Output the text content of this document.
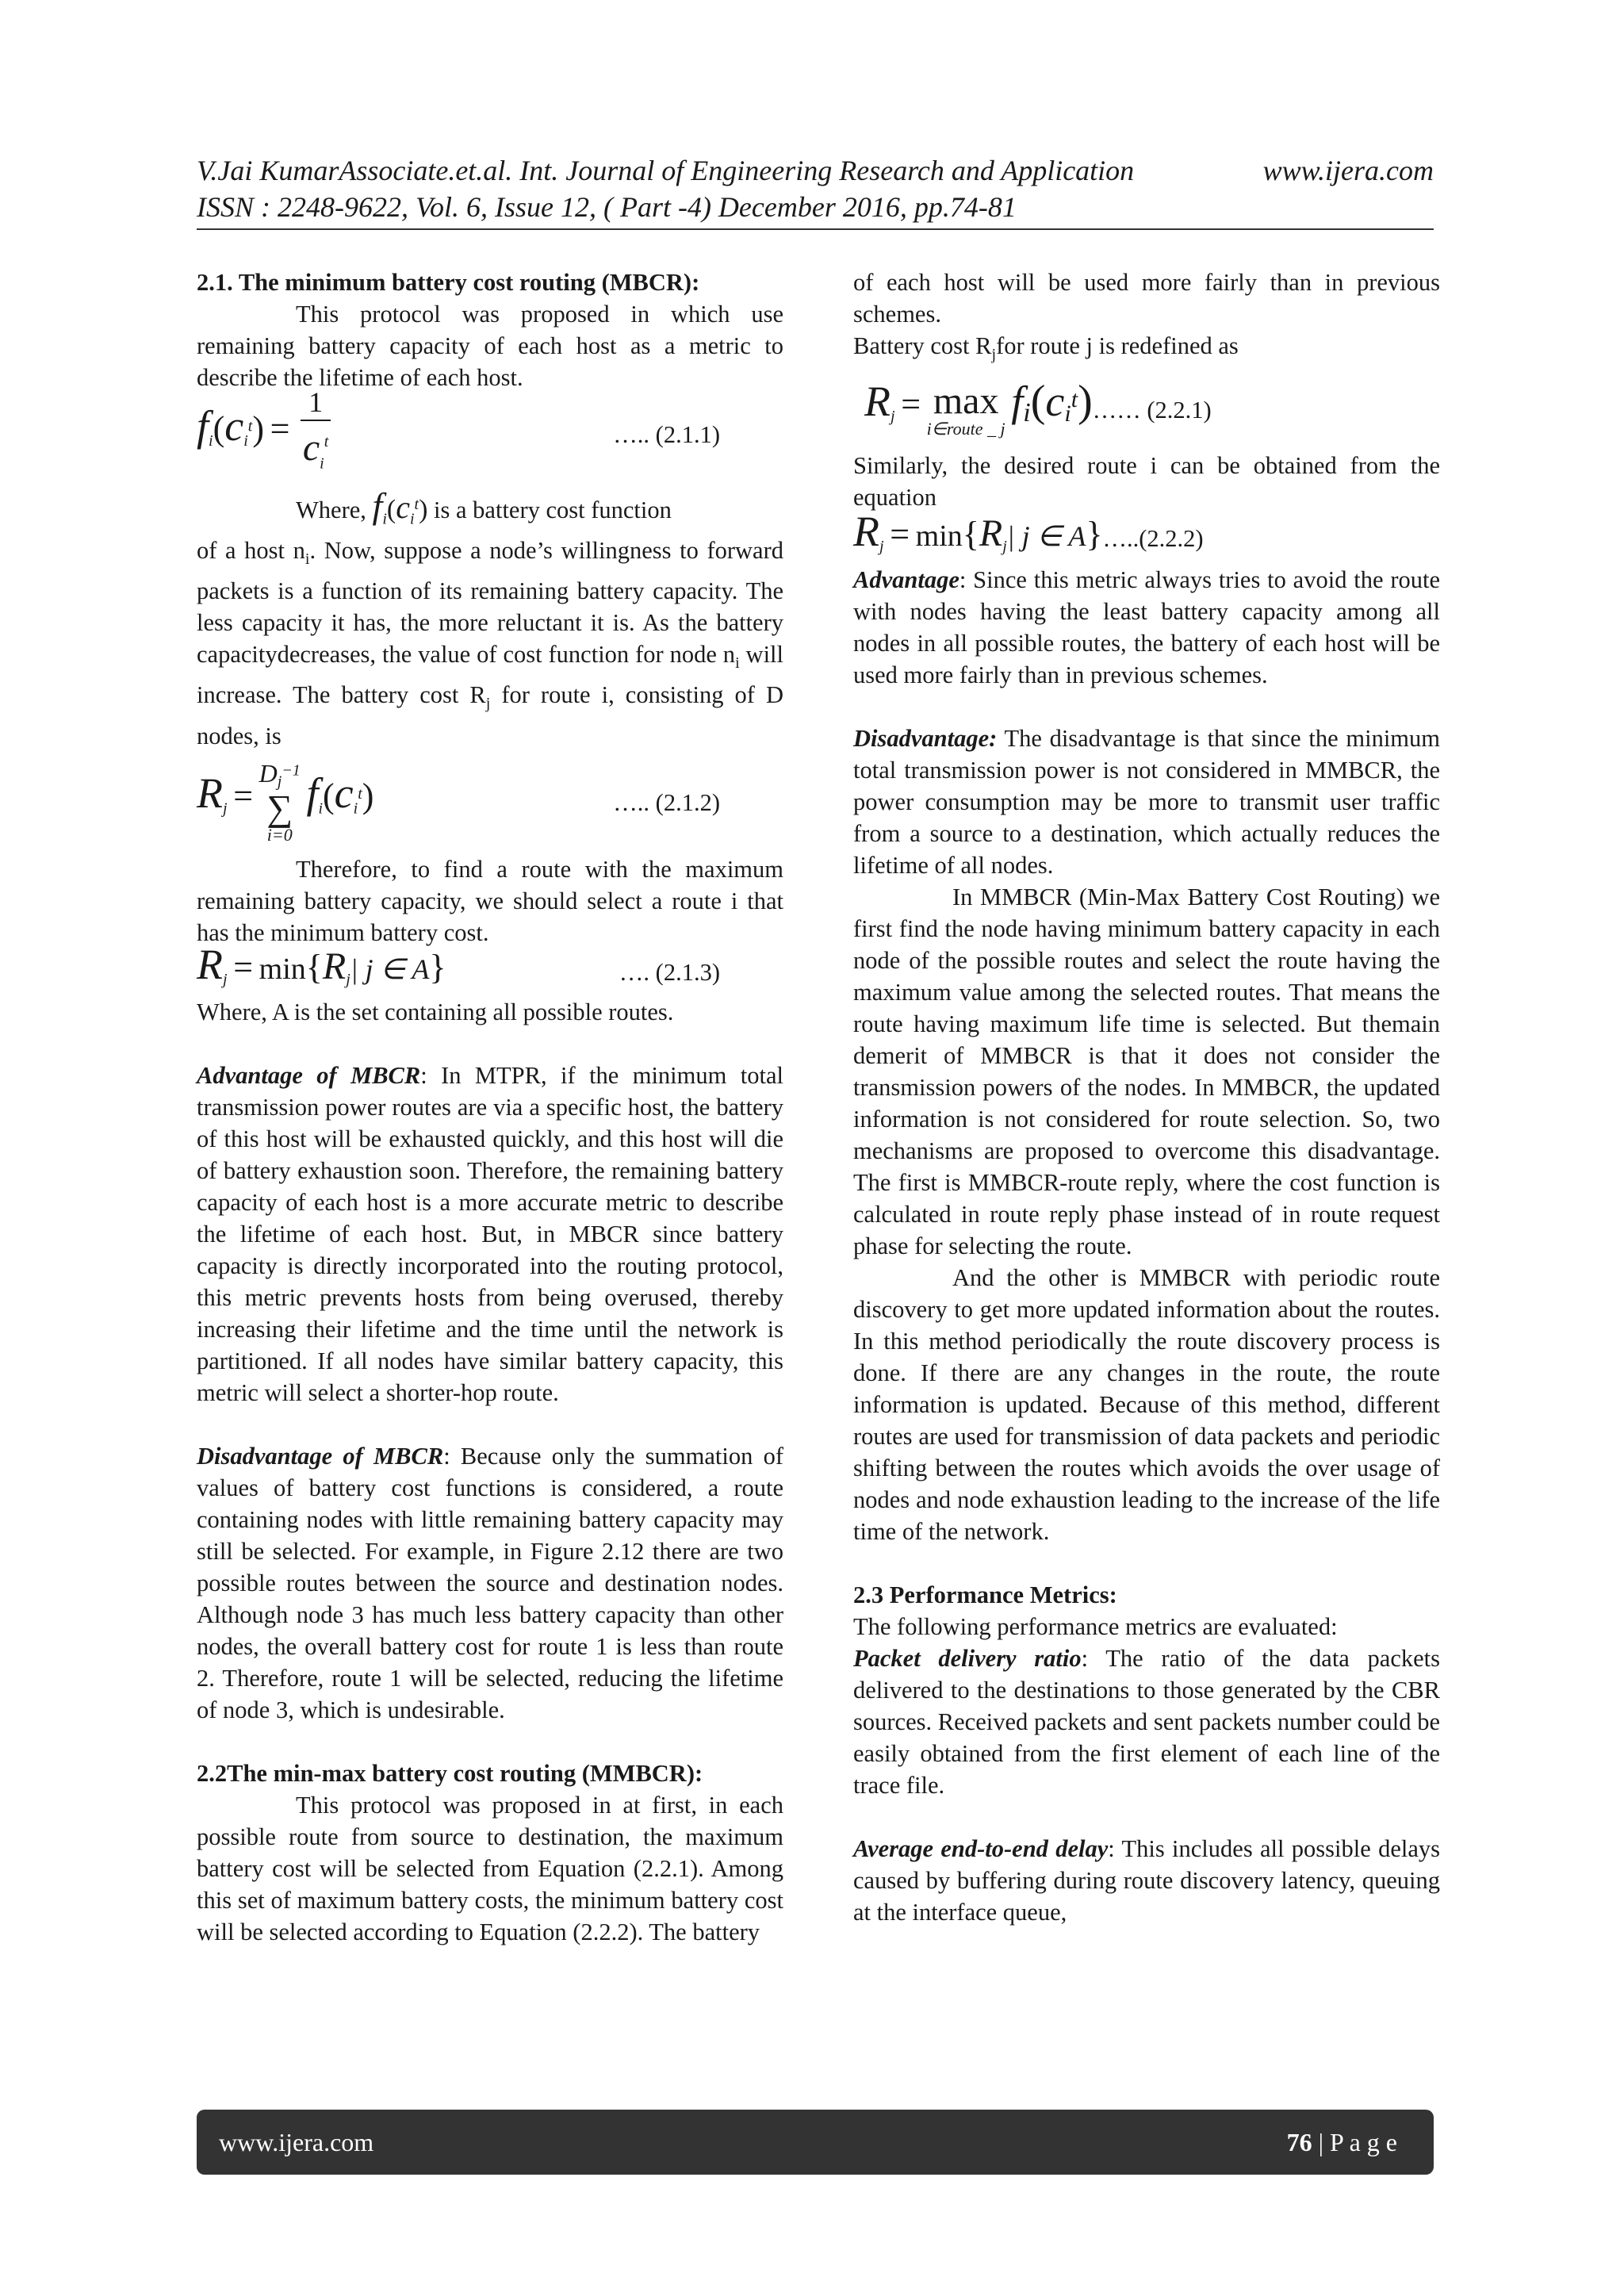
V.Jai KumarAssociate.et.al. Int. Journal of Engineering Research and Application	www.ijera.com
ISSN : 2248-9622, Vol. 6, Issue 12, ( Part -4) December 2016, pp.74-81

2.1. The minimum battery cost routing (MBCR):

This protocol was proposed in which use remaining battery capacity of each host as a metric to describe the lifetime of each host.

$f_i(c_i^t) = \frac{1}{c_i^t}$	….. (2.1.1)

Where, $f_i(c_i^t)$ is a battery cost function

of a host $n_i$. Now, suppose a node’s willingness to forward packets is a function of its remaining battery capacity. The less capacity it has, the more reluctant it is. As the battery capacitydecreases, the value of cost function for node $n_i$ will increase. The battery cost $R_j$ for route i, consisting of D nodes, is

$R_j$ =
$D_j^{-1}$
∑
i=0
$f_i(c_i^t)$	….. (2.1.2)

Therefore, to find a route with the maximum remaining battery capacity, we should select a route i that has the minimum battery cost.

$R_j = \min\{R_j|$ j ∈ A}	…. (2.1.3)

Where, A is the set containing all possible routes.

Advantage of MBCR: In MTPR, if the minimum total transmission power routes are via a specific host, the battery of this host will be exhausted quickly, and this host will die of battery exhaustion soon. Therefore, the remaining battery capacity of each host is a more accurate metric to describe the lifetime of each host. But, in MBCR since battery capacity is directly incorporated into the routing protocol, this metric prevents hosts from being overused, thereby increasing their lifetime and the time until the network is partitioned. If all nodes have similar battery capacity, this metric will select a shorter-hop route.

Disadvantage of MBCR: Because only the summation of values of battery cost functions is considered, a route containing nodes with little remaining battery capacity may still be selected. For example, in Figure 2.12 there are two possible routes between the source and destination nodes. Although node 3 has much less battery capacity than other nodes, the overall battery cost for route 1 is less than route 2. Therefore, route 1 will be selected, reducing the lifetime of node 3, which is undesirable.

2.2The min-max battery cost routing (MMBCR):

This protocol was proposed in at first, in each possible route from source to destination, the maximum battery cost will be selected from Equation (2.2.1). Among this set of maximum battery costs, the minimum battery cost will be selected according to Equation (2.2.2). The battery

of each host will be used more fairly than in previous schemes.

Battery cost $R_jfor$ route j is redefined as

$R_j = \max$
i∈route _ j
$f_i(c_i^t)$ …… (2.2.1)

Similarly, the desired route i can be obtained from the equation

$R_j = \min\{R_j|$ j ∈ A} …..(2.2.2)

Advantage: Since this metric always tries to avoid the route with nodes having the least battery capacity among all nodes in all possible routes, the battery of each host will be used more fairly than in previous schemes.

Disadvantage: The disadvantage is that since the minimum total transmission power is not considered in MMBCR, the power consumption may be more to transmit user traffic from a source to a destination, which actually reduces the lifetime of all nodes.

In MMBCR (Min-Max Battery Cost Routing) we first find the node having minimum battery capacity in each node of the possible routes and select the route having the maximum value among the selected routes. That means the route having maximum life time is selected. But themain demerit of MMBCR is that it does not consider the transmission powers of the nodes. In MMBCR, the updated information is not considered for route selection. So, two mechanisms are proposed to overcome this disadvantage. The first is MMBCR-route reply, where the cost function is calculated in route reply phase instead of in route request phase for selecting the route.

And the other is MMBCR with periodic route discovery to get more updated information about the routes. In this method periodically the route discovery process is done. If there are any changes in the route, the route information is updated. Because of this method, different routes are used for transmission of data packets and periodic shifting between the routes which avoids the over usage of nodes and node exhaustion leading to the increase of the life time of the network.

2.3 Performance Metrics:

The following performance metrics are evaluated:

Packet delivery ratio: The ratio of the data packets delivered to the destinations to those generated by the CBR sources. Received packets and sent packets number could be easily obtained from the first element of each line of the trace file.

Average end-to-end delay: This includes all possible delays caused by buffering during route discovery latency, queuing at the interface queue,

www.ijera.com	76 | P a g e
